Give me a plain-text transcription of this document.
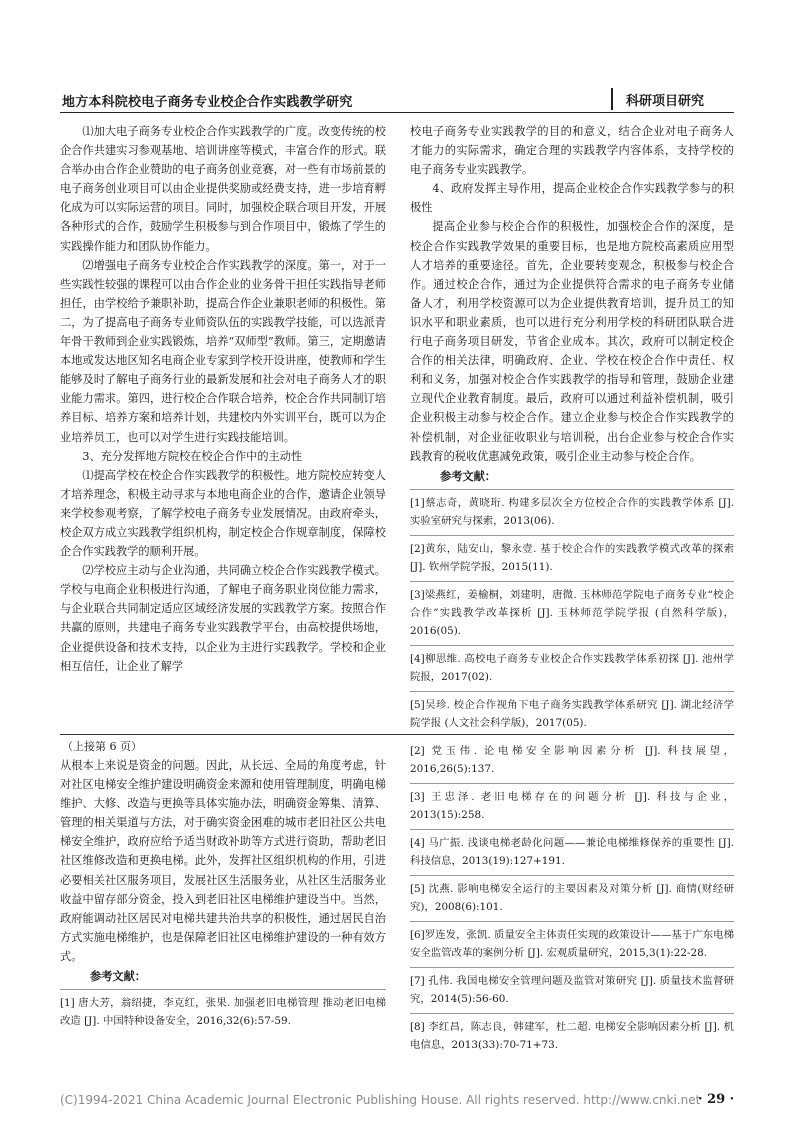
地方本科院校电子商务专业校企合作实践教学研究	科研项目研究

⑴加大电子商务专业校企合作实践教学的广度。改变传统的校企合作共建实习参观基地、培训讲座等模式，丰富合作的形式。联合举办由合作企业赞助的电子商务创业竞赛，对一些有市场前景的电子商务创业项目可以由企业提供奖励或经费支持，进一步培育孵化成为可以实际运营的项目。同时，加强校企联合项目开发，开展各种形式的合作，鼓励学生积极参与到合作项目中，锻炼了学生的实践操作能力和团队协作能力。

⑵增强电子商务专业校企合作实践教学的深度。第一，对于一些实践性较强的课程可以由合作企业的业务骨干担任实践指导老师担任，由学校给予兼职补助，提高合作企业兼职老师的积极性。第二，为了提高电子商务专业师资队伍的实践教学技能，可以选派青年骨干教师到企业实践锻炼，培养“双师型”教师。第三，定期邀请本地或发达地区知名电商企业专家到学校开设讲座，使教师和学生能够及时了解电子商务行业的最新发展和社会对电子商务人才的职业能力需求。第四，进行校企合作联合培养，校企合作共同制订培养目标、培养方案和培养计划，共建校内外实训平台，既可以为企业培养员工，也可以对学生进行实践技能培训。

3、充分发挥地方院校在校企合作中的主动性

⑴提高学校在校企合作实践教学的积极性。地方院校应转变人才培养理念，积极主动寻求与本地电商企业的合作，邀请企业领导来学校参观考察，了解学校电子商务专业发展情况。由政府牵头，校企双方成立实践教学组织机构，制定校企合作规章制度，保障校企合作实践教学的顺利开展。

⑵学校应主动与企业沟通，共同确立校企合作实践教学模式。学校与电商企业积极进行沟通，了解电子商务职业岗位能力需求，与企业联合共同制定适应区域经济发展的实践教学方案。按照合作共赢的原则，共建电子商务专业实践教学平台，由高校提供场地，企业提供设备和技术支持，以企业为主进行实践教学。学校和企业相互信任，让企业了解学

校电子商务专业实践教学的目的和意义，结合企业对电子商务人才能力的实际需求，确定合理的实践教学内容体系，支持学校的电子商务专业实践教学。

4、政府发挥主导作用，提高企业校企合作实践教学参与的积极性

提高企业参与校企合作的积极性，加强校企合作的深度，是校企合作实践教学效果的重要目标，也是地方院校高素质应用型人才培养的重要途径。首先，企业要转变观念，积极参与校企合作。通过校企合作，通过为企业提供符合需求的电子商务专业储备人才，利用学校资源可以为企业提供教育培训，提升员工的知识水平和职业素质，也可以进行充分利用学校的科研团队联合进行电子商务项目研发，节省企业成本。其次，政府可以制定校企合作的相关法律，明确政府、企业、学校在校企合作中责任、权利和义务，加强对校企合作实践教学的指导和管理，鼓励企业建立现代企业教育制度。最后，政府可以通过利益补偿机制，吸引企业积极主动参与校企合作。建立企业参与校企合作实践教学的补偿机制，对企业征收职业与培训税，出台企业参与校企合作实践教育的税收优惠减免政策，吸引企业主动参与校企合作。

参考文献：
[1]蔡志奇，黄晓珩. 构建多层次全方位校企合作的实践教学体系 [J]. 实验室研究与探索，2013(06).
[2]黄东，陆安山，黎永壹. 基于校企合作的实践教学模式改革的探索 [J]. 钦州学院学报，2015(11).
[3]梁燕红，姜榆桐，刘建明，唐微. 玉林师范学院电子商务专业“校企合作”实践教学改革探析 [J]. 玉林师范学院学报 (自然科学版)，2016(05).
[4]柳思维. 高校电子商务专业校企合作实践教学体系初探 [J]. 池州学院报，2017(02).
[5]吴珍. 校企合作视角下电子商务实践教学体系研究 [J]. 湖北经济学院学报 (人文社会科学版)，2017(05).
（上接第 6 页）

从根本上来说是资金的问题。因此，从长远、全局的角度考虑，针对社区电梯安全维护建设明确资金来源和使用管理制度，明确电梯维护、大修、改造与更换等具体实施办法，明确资金筹集、清算、管理的相关渠道与方法，对于确实资金困难的城市老旧社区公共电梯安全维护，政府应给予适当财政补助等方式进行资助，帮助老旧社区维修改造和更换电梯。此外，发挥社区组织机构的作用，引进必要相关社区服务项目，发展社区生活服务业，从社区生活服务业收益中留存部分资金，投入到老旧社区电梯维护建设当中。当然，政府能调动社区居民对电梯共建共治共享的积极性，通过居民自治方式实施电梯维护，也是保障老旧社区电梯维护建设的一种有效方式。

参考文献：
[1] 唐大芳，翁绍捷，李克红，张果. 加强老旧电梯管理 推动老旧电梯改造 [J]. 中国特种设备安全，2016,32(6):57-59.
[2] 党玉伟. 论电梯安全影响因素分析 [J]. 科技展望，2016,26(5):137.
[3] 王忠泽. 老旧电梯存在的问题分析 [J]. 科技与企业，2013(15):258.
[4] 马广振. 浅谈电梯老龄化问题——兼论电梯维修保养的重要性 [J]. 科技信息，2013(19):127+191.
[5] 沈燕. 影响电梯安全运行的主要因素及对策分析 [J]. 商情(财经研究)，2008(6):101.
[6]罗连发，张凯. 质量安全主体责任实现的政策设计——基于广东电梯安全监管改革的案例分析 [J]. 宏观质量研究，2015,3(1):22-28.
[7] 孔伟. 我国电梯安全管理问题及监管对策研究 [J]. 质量技术监督研究，2014(5):56-60.
[8] 李红昌，陈志良，韩建军，杜二超. 电梯安全影响因素分析 [J]. 机电信息，2013(33):70-71+73.
(C)1994-2021 China Academic Journal Electronic Publishing House. All rights reserved. http://www.cnki.net
· 29 ·
